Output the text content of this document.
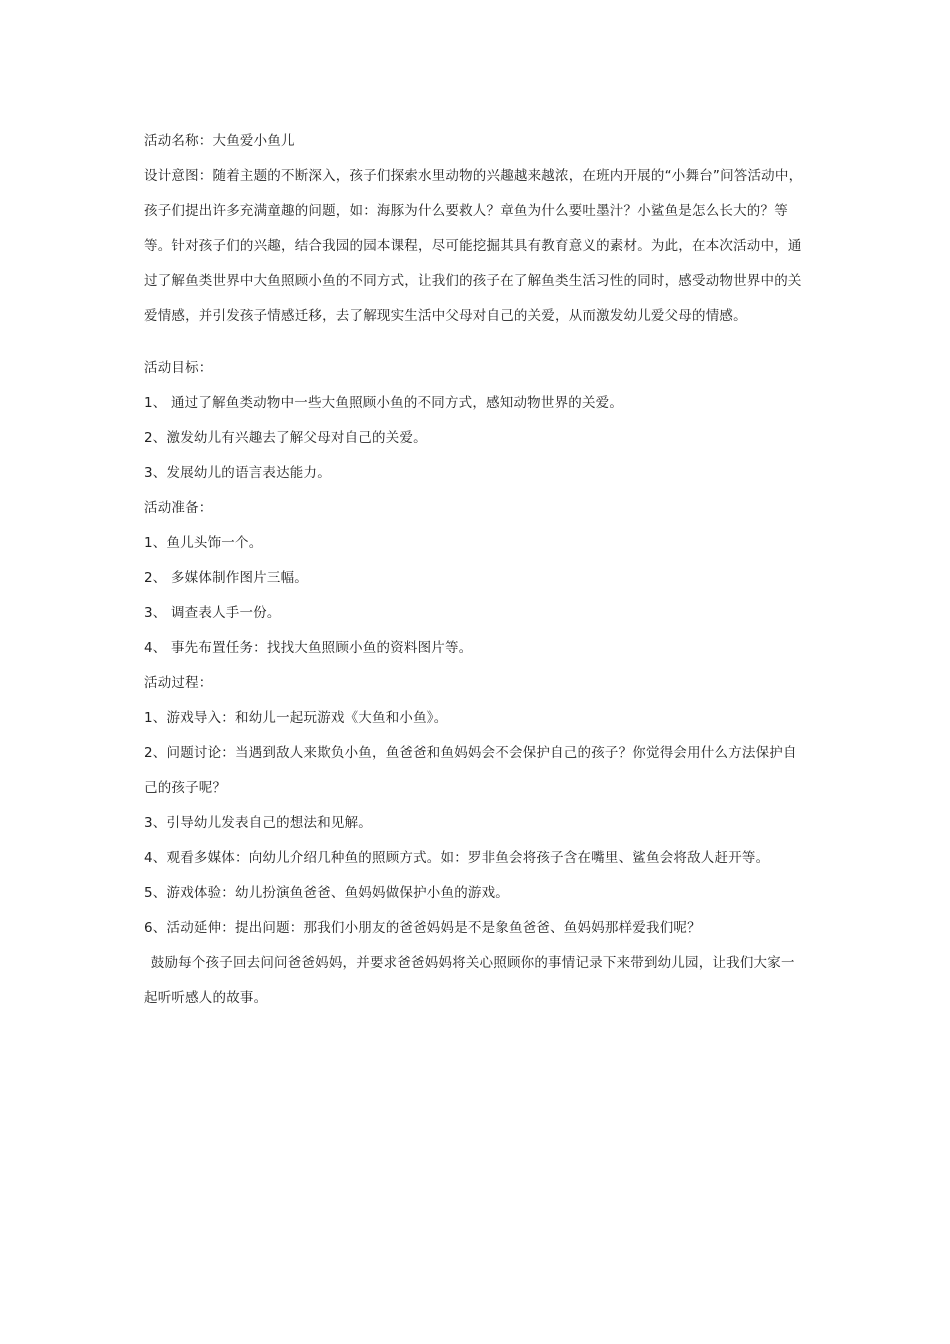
活动名称：大鱼爱小鱼儿

设计意图：随着主题的不断深入，孩子们探索水里动物的兴趣越来越浓，在班内开展的“小舞台”问答活动中，孩子们提出许多充满童趣的问题，如：海豚为什么要救人？章鱼为什么要吐墨汁？小鲨鱼是怎么长大的？等等。针对孩子们的兴趣，结合我园的园本课程，尽可能挖掘其具有教育意义的素材。为此，在本次活动中，通过了解鱼类世界中大鱼照顾小鱼的不同方式，让我们的孩子在了解鱼类生活习性的同时，感受动物世界中的关爱情感，并引发孩子情感迁移，去了解现实生活中父母对自己的关爱，从而激发幼儿爱父母的情感。

活动目标：

1、 通过了解鱼类动物中一些大鱼照顾小鱼的不同方式，感知动物世界的关爱。

2、激发幼儿有兴趣去了解父母对自己的关爱。

3、发展幼儿的语言表达能力。

活动准备：

1、鱼儿头饰一个。

2、 多媒体制作图片三幅。

3、 调查表人手一份。

4、 事先布置任务：找找大鱼照顾小鱼的资料图片等。

活动过程：

1、游戏导入：和幼儿一起玩游戏《大鱼和小鱼》。

2、问题讨论：当遇到敌人来欺负小鱼，鱼爸爸和鱼妈妈会不会保护自己的孩子？你觉得会用什么方法保护自己的孩子呢？

3、引导幼儿发表自己的想法和见解。

4、观看多媒体：向幼儿介绍几种鱼的照顾方式。如：罗非鱼会将孩子含在嘴里、鲨鱼会将敌人赶开等。

5、游戏体验：幼儿扮演鱼爸爸、鱼妈妈做保护小鱼的游戏。

6、活动延伸：提出问题：那我们小朋友的爸爸妈妈是不是象鱼爸爸、鱼妈妈那样爱我们呢？

鼓励每个孩子回去问问爸爸妈妈，并要求爸爸妈妈将关心照顾你的事情记录下来带到幼儿园，让我们大家一起听听感人的故事。
